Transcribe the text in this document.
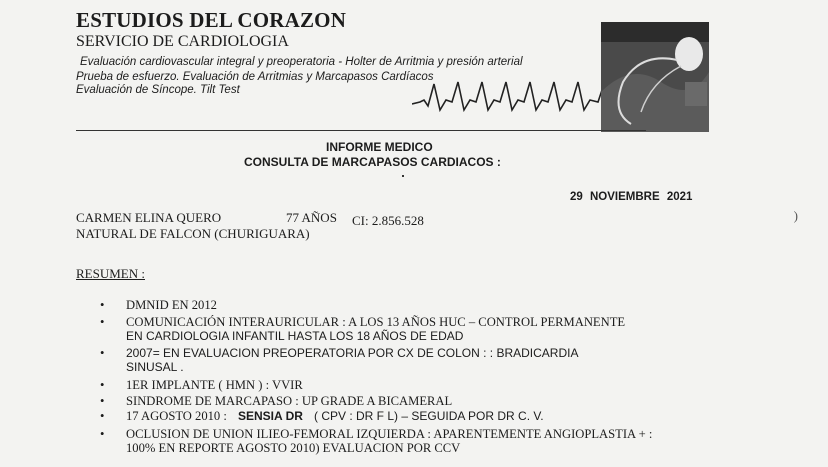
ESTUDIOS DEL CORAZON
SERVICIO DE CARDIOLOGIA
Evaluación cardiovascular integral y preoperatoria - Holter de Arritmia y presión arterial
Prueba de esfuerzo. Evaluación de Arritmias y Marcapasos Cardíacos
Evaluación de Síncope. Tilt Test
INFORME MEDICO
CONSULTA DE MARCAPASOS CARDIACOS :
29 NOVIEMBRE 2021
CARMEN ELINA QUERO	77 AÑOS CI: 2.856.528
NATURAL DE FALCON (CHURIGUARA)
)
RESUMEN :
• DMNID EN 2012
• COMUNICACIÓN INTERAURICULAR : A LOS 13 AÑOS HUC – CONTROL PERMANENTE
EN CARDIOLOGIA INFANTIL HASTA LOS 18 AÑOS DE EDAD
• 2007= EN EVALUACION PREOPERATORIA POR CX DE COLON : : BRADICARDIA
SINUSAL .
• 1ER IMPLANTE ( HMN ) : VVIR
• SINDROME DE MARCAPASO : UP GRADE A BICAMERAL
• 17 AGOSTO 2010 : SENSIA DR ( CPV : DR F L) – SEGUIDA POR DR C. V.
• OCLUSION DE UNION ILIEO-FEMORAL IZQUIERDA : APARENTEMENTE ANGIOPLASTIA + :
100% EN REPORTE AGOSTO 2010) EVALUACION POR CCV
